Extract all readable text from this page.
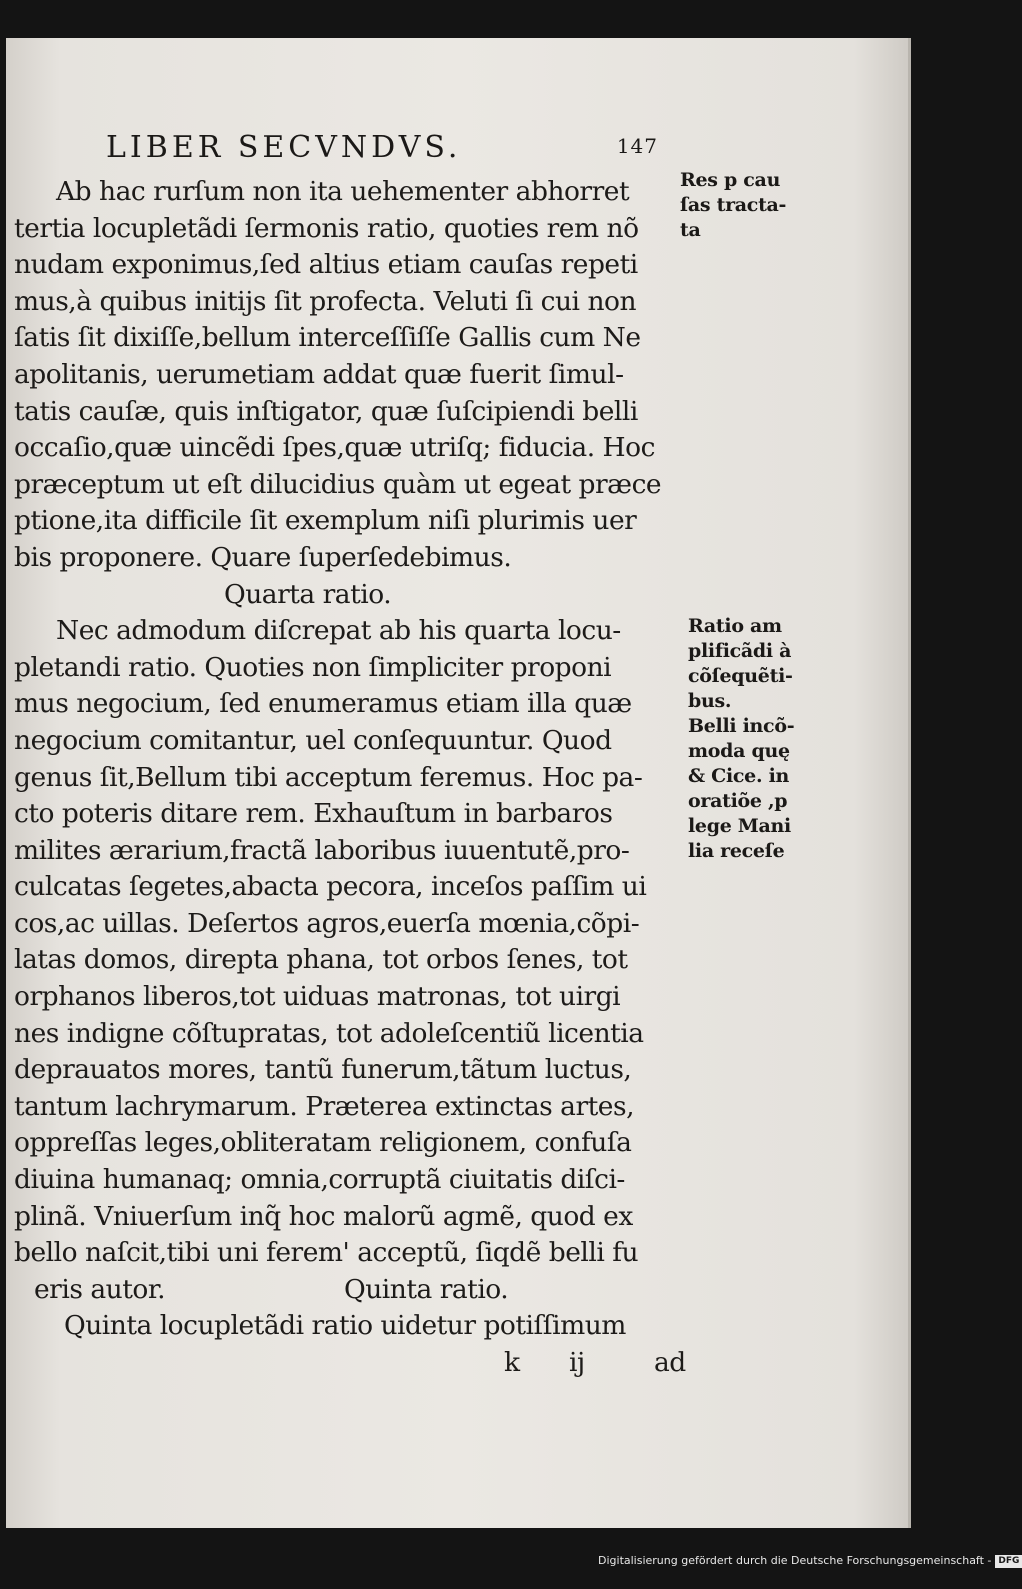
LIBER SECVNDVS.	147
Ab hac rurſum non ita uehementer abhorret
tertia locupletãdi ſermonis ratio, quoties rem nõ
nudam exponimus,ſed altius etiam cauſas repeti
mus,à quibus initijs ſit profecta. Veluti ſi cui non
ſatis ſit dixiſſe,bellum interceſſiſſe Gallis cum Ne
apolitanis, uerumetiam addat quæ fuerit ſimul-
tatis cauſæ, quis inſtigator, quæ ſuſcipiendi belli
occaſio,quæ uincẽdi ſpes,quæ utriſq; fiducia. Hoc
præceptum ut eſt dilucidius quàm ut egeat præce
ptione,ita difficile ſit exemplum niſi plurimis uer
bis proponere. Quare ſuperſedebimus.
Quarta ratio.
Nec admodum diſcrepat ab his quarta locu-
pletandi ratio. Quoties non ſimpliciter proponi
mus negocium, ſed enumeramus etiam illa quæ
negocium comitantur, uel conſequuntur. Quod
genus ſit,Bellum tibi acceptum feremus. Hoc pa-
cto poteris ditare rem. Exhauſtum in barbaros
milites ærarium,fractã laboribus iuuentutẽ,pro-
culcatas ſegetes,abacta pecora, inceſos paſſim ui
cos,ac uillas. Deſertos agros,euerſa mœnia,cõpi-
latas domos, direpta phana, tot orbos ſenes, tot
orphanos liberos,tot uiduas matronas, tot uirgi
nes indigne cõſtupratas, tot adoleſcentiũ licentia
deprauatos mores, tantũ funerum,tãtum luctus,
tantum lachrymarum. Præterea extinctas artes,
oppreſſas leges,obliteratam religionem, confuſa
diuina humanaq; omnia,corruptã ciuitatis diſci-
plinã. Vniuerſum inq̃ hoc malorũ agmẽ, quod ex
bello naſcit,tibi uni ferem' acceptũ, ſiqdẽ belli fu
eris autor.	Quinta ratio.
Quinta locupletãdi ratio uidetur potiſſimum
k ij	ad
Res p cau
ſas tracta-
ta
Ratio am
plificãdi à
cõſequẽti-
bus.
Belli incõ-
moda quę
& Cice. in
oratiõe ,p
lege Mani
lia receſe
Digitalisierung gefördert durch die Deutsche Forschungsgemeinschaft - DFG
